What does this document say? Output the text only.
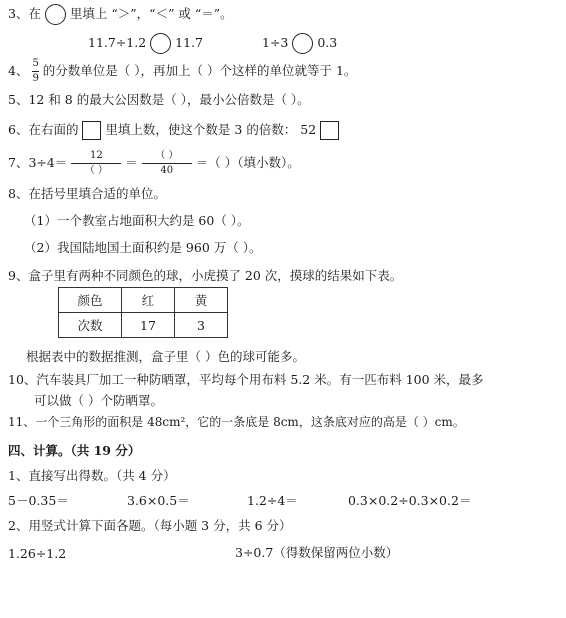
3、在 里填上 “＞”，“＜” 或 “＝”。
11.7÷1.2 11.7	1÷3 0.3
4、 $\frac{5}{9}$ 的分数单位是（ ），再加上（ ）个这样的单位就等于 1。
5、12 和 8 的最大公因数是（ ），最小公倍数是（ ）。
6、在右面的 里填上数，使这个数是 3 的倍数： 52
7、$3\div 4= \frac{12}{( )} = \frac{( )}{40}$ ＝（ ）（填小数）。
8、在括号里填合适的单位。
（1）一个教室占地面积大约是 60（ ）。
（2）我国陆地国土面积约是 960 万（ ）。
9、盒子里有两种不同颜色的球，小虎摸了 20 次，摸球的结果如下表。
颜色	红	黄
次数	17	3
根据表中的数据推测，盒子里（ ）色的球可能多。
10、汽车装具厂加工一种防晒罩，平均每个用布料 5.2 米。有一匹布料 100 米，最多
可以做（ ）个防晒罩。
11、一个三角形的面积是 48cm²，它的一条底是 8cm，这条底对应的高是（ ）cm。
四、计算。（共 19 分）
1、直接写出得数。（共 4 分）
5－0.35＝	3.6×0.5＝	1.2÷4＝	0.3×0.2÷0.3×0.2＝
2、用竖式计算下面各题。（每小题 3 分，共 6 分）
1.26÷1.2	3÷0.7（得数保留两位小数）
